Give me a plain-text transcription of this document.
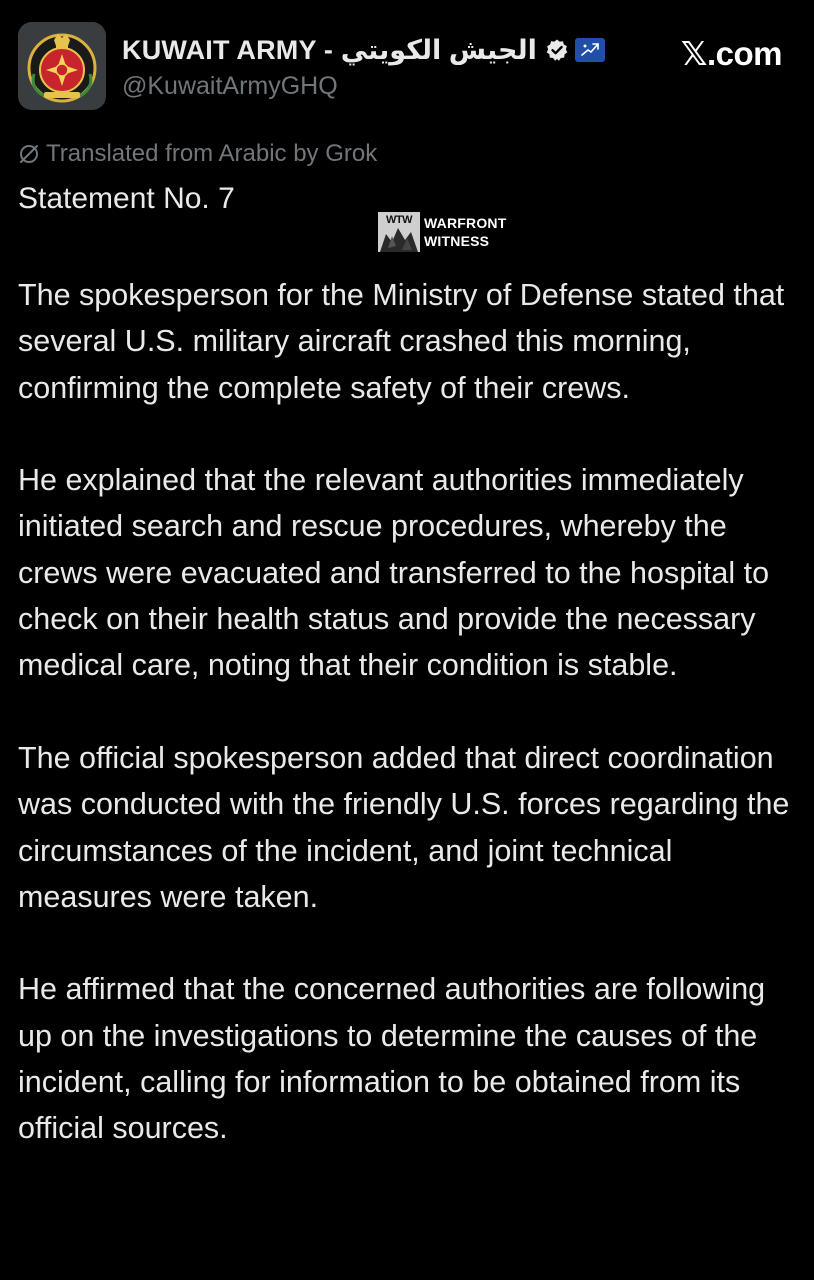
KUWAIT ARMY - الجيش الكويتي
@KuwaitArmyGHQ
𝕏.com
Translated from Arabic by Grok
Statement No. 7
WTW WARFRONT
WITNESS

The spokesperson for the Ministry of Defense stated that several U.S. military aircraft crashed this morning, confirming the complete safety of their crews.

He explained that the relevant authorities immediately initiated search and rescue procedures, whereby the crews were evacuated and transferred to the hospital to check on their health status and provide the necessary medical care, noting that their condition is stable.

The official spokesperson added that direct coordination was conducted with the friendly U.S. forces regarding the circumstances of the incident, and joint technical measures were taken.

He affirmed that the concerned authorities are following up on the investigations to determine the causes of the incident, calling for information to be obtained from its official sources.
